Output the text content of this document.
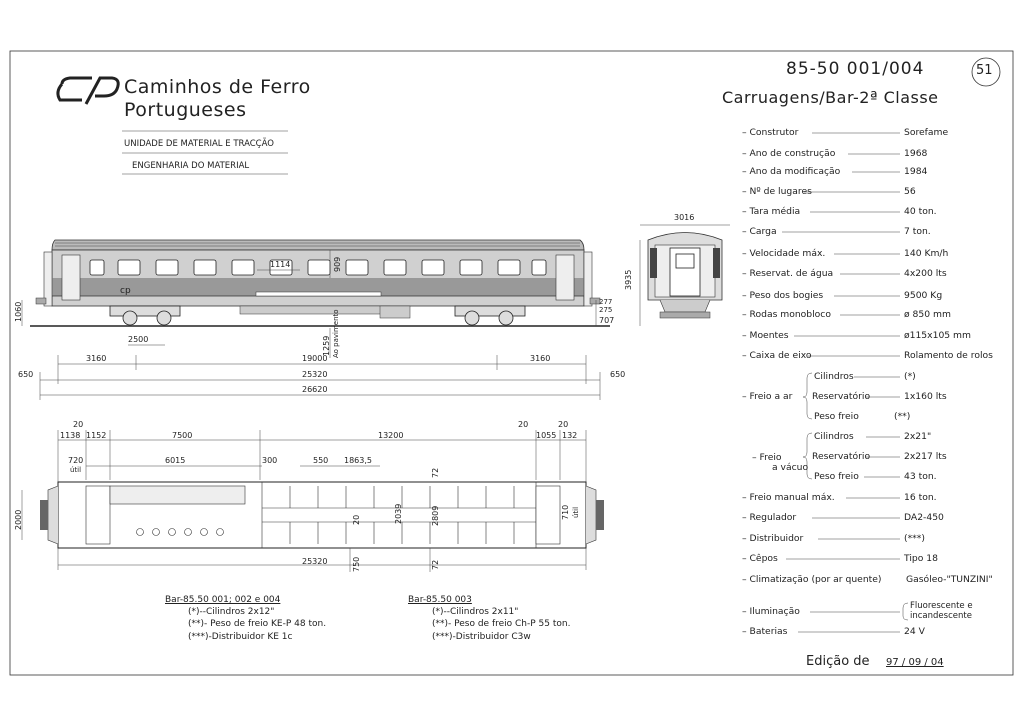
cp
Caminhos de Ferro
Portugueses
UNIDADE DE MATERIAL E TRACÇÃO
ENGENHARIA DO MATERIAL
85-50 001/004	51
Carruagens/Bar-2ª Classe
– Construtor	Sorefame
– Ano de construção	1968
– Ano da modificação	1984
– Nº de lugares	56
– Tara média	40 ton.
– Carga	7 ton.
– Velocidade máx.	140 Km/h
– Reservat. de água	4x200 lts
– Peso dos bogies	9500 Kg
– Rodas monobloco	ø 850 mm
– Moentes	ø115x105 mm
– Caixa de eixo	Rolamento de rolos
– Freio a ar
Cilindros	(*)
Reservatório	1x160 lts
Peso freio	(**)
– Freio
a vácuo
Cilindros	2x21"
Reservatório	2x217 lts
Peso freio	43 ton.
– Freio manual máx.	16 ton.
– Regulador	DA2-450
– Distribuidor	(***)
– Cêpos	Tipo 18
– Climatização (por ar quente)	Gasóleo-"TUNZINI"
– Iluminação	Fluorescente e
incandescente
– Baterias	24 V
Edição de 97 / 09 / 04
Bar-85.50 001; 002 e 004
(*)--Cilindros 2x12"
(**)- Peso de freio KE-P 48 ton.
(***)-Distribuidor KE 1c
Bar-85.50 003
(*)--Cilindros 2x11"
(**)- Peso de freio Ch-P 55 ton.
(***)-Distribuidor C3w
3016
3935
1114	909
1060	277
275
707
2500	1259 Ao pavimento
3160	19000	3160
650	25320	650
26620
20
1138 1152	7500	13200
20	20
1055 132
720
útil
6015	300	550 1863,5
72
2000	20	2039	2809	710 útil
25320	750	72
